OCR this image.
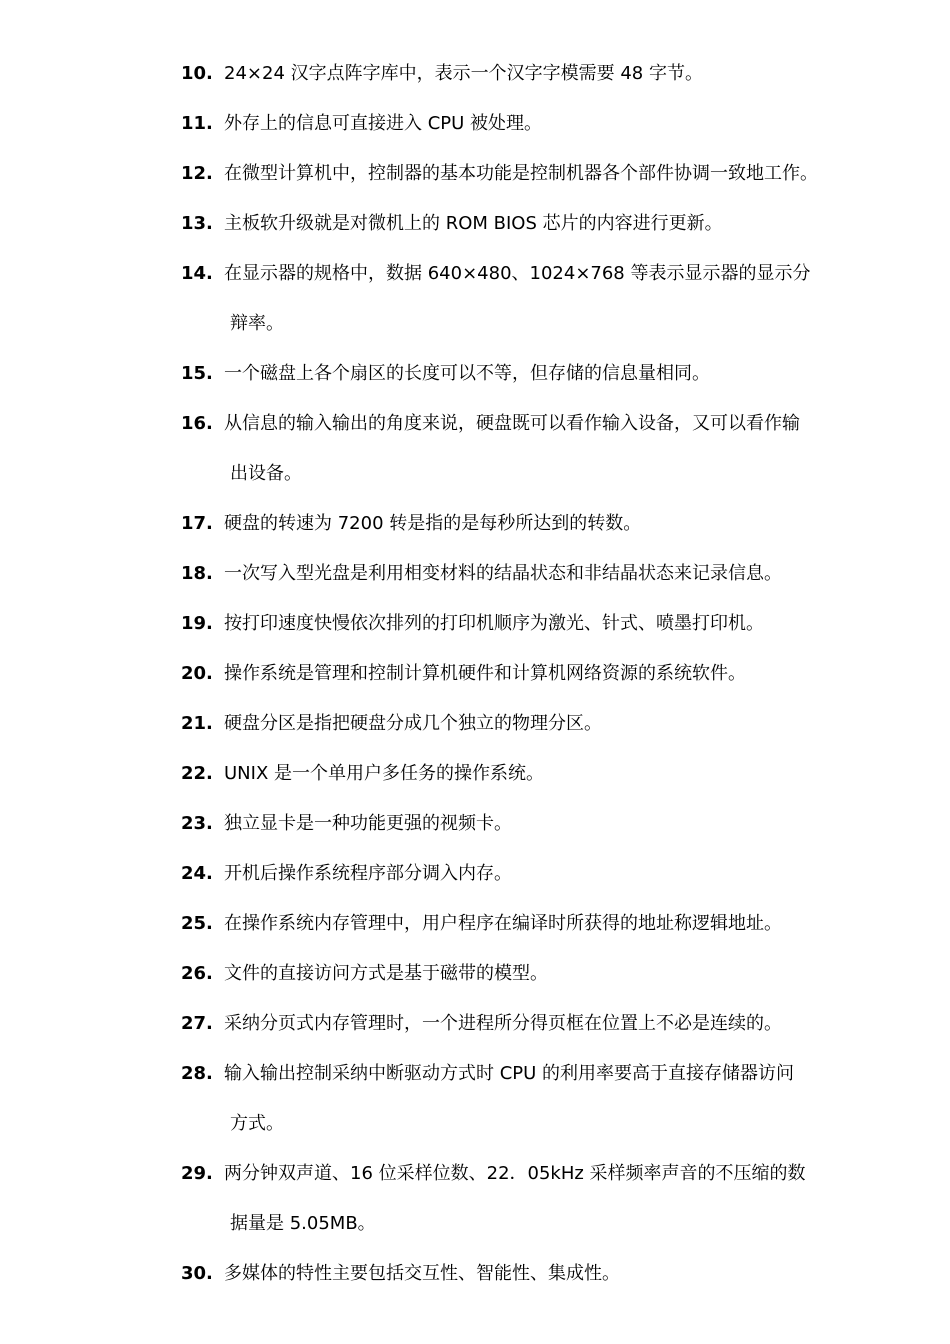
10. 24×24 汉字点阵字库中，表示一个汉字字模需要 48 字节。
11. 外存上的信息可直接进入 CPU 被处理。
12. 在微型计算机中，控制器的基本功能是控制机器各个部件协调一致地工作。
13. 主板软升级就是对微机上的 ROM BIOS 芯片的内容进行更新。
14. 在显示器的规格中，数据 640×480、1024×768 等表示显示器的显示分
辩率。
15. 一个磁盘上各个扇区的长度可以不等，但存储的信息量相同。
16. 从信息的输入输出的角度来说，硬盘既可以看作输入设备，又可以看作输
出设备。
17. 硬盘的转速为 7200 转是指的是每秒所达到的转数。
18. 一次写入型光盘是利用相变材料的结晶状态和非结晶状态来记录信息。
19. 按打印速度快慢依次排列的打印机顺序为激光、针式、喷墨打印机。
20. 操作系统是管理和控制计算机硬件和计算机网络资源的系统软件。
21. 硬盘分区是指把硬盘分成几个独立的物理分区。
22. UNIX 是一个单用户多任务的操作系统。
23. 独立显卡是一种功能更强的视频卡。
24. 开机后操作系统程序部分调入内存。
25. 在操作系统内存管理中，用户程序在编译时所获得的地址称逻辑地址。
26. 文件的直接访问方式是基于磁带的模型。
27. 采纳分页式内存管理时，一个进程所分得页框在位置上不必是连续的。
28. 输入输出控制采纳中断驱动方式时 CPU 的利用率要高于直接存储器访问
方式。
29. 两分钟双声道、16 位采样位数、22．05kHz 采样频率声音的不压缩的数
据量是 5.05MB。
30. 多媒体的特性主要包括交互性、智能性、集成性。
